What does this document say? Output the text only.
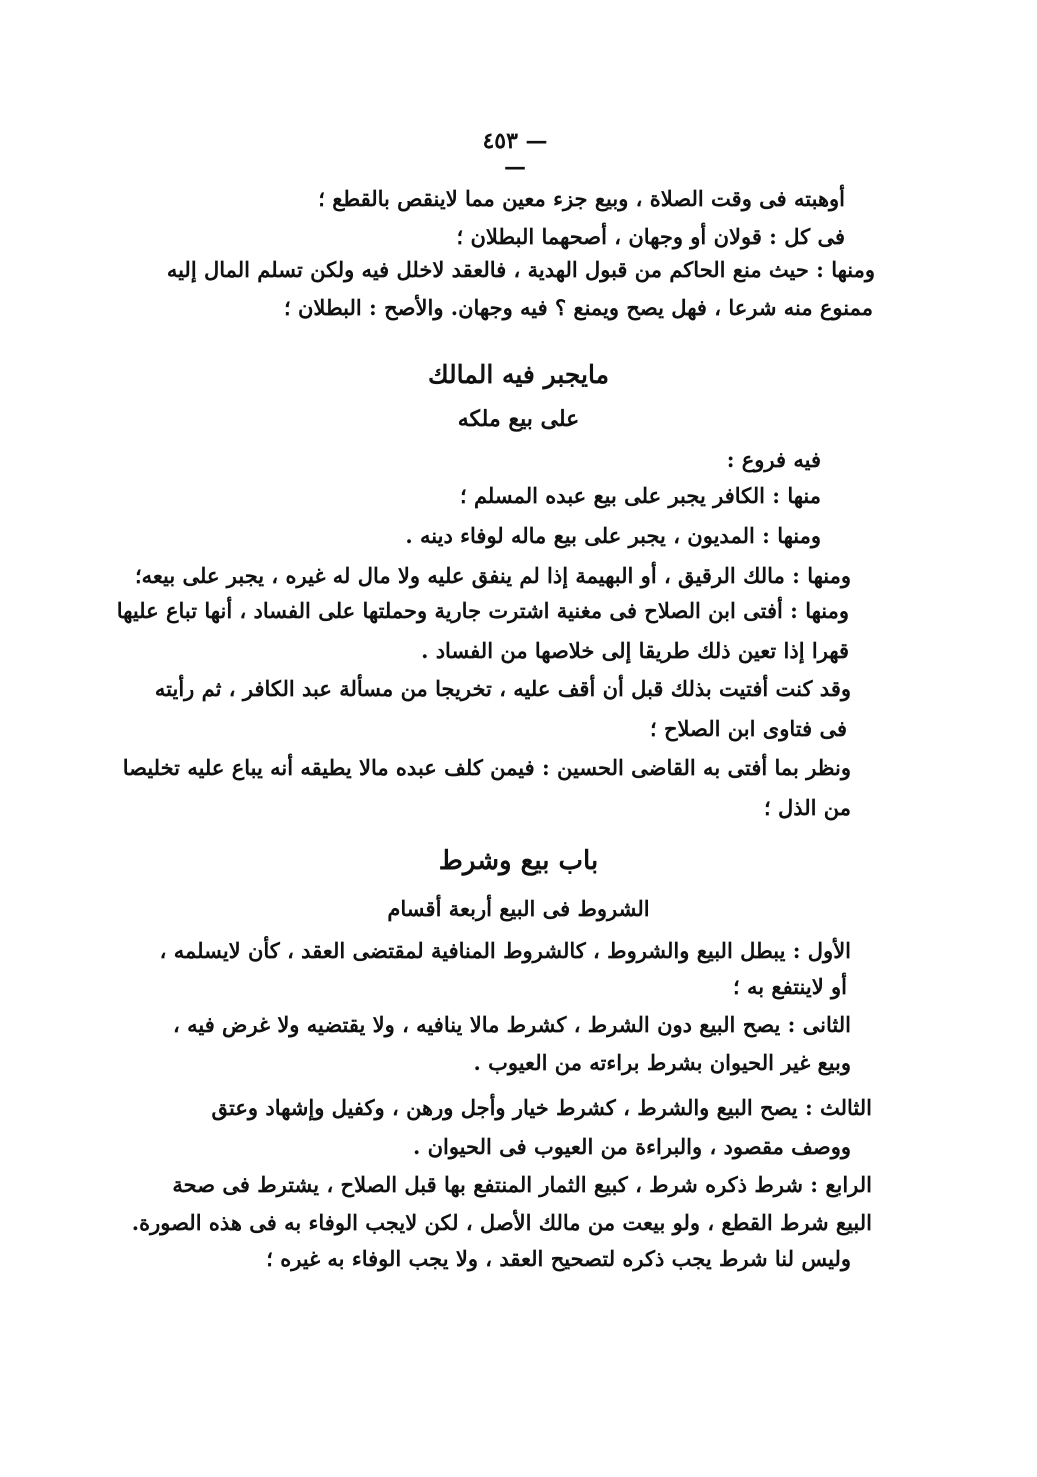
— ٤٥٣ —
أوهبته فى وقت الصلاة ، وبيع جزء معين مما لاينقص بالقطع ؛
فى كل : قولان أو وجهان ، أصحهما البطلان ؛
ومنها : حيث منع الحاكم من قبول الهدية ، فالعقد لاخلل فيه ولكن تسلم المال إليه
ممنوع منه شرعا ، فهل يصح ويمنع ؟ فيه وجهان. والأصح : البطلان ؛
مايجبر فيه المالك
على بيع ملكه
فيه فروع :
منها : الكافر يجبر على بيع عبده المسلم ؛
ومنها : المديون ، يجبر على بيع ماله لوفاء دينه .
ومنها : مالك الرقيق ، أو البهيمة إذا لم ينفق عليه ولا مال له غيره ، يجبر على بيعه؛
ومنها : أفتى ابن الصلاح فى مغنية اشترت جارية وحملتها على الفساد ، أنها تباع عليها
قهرا إذا تعين ذلك طريقا إلى خلاصها من الفساد .
وقد كنت أفتيت بذلك قبل أن أقف عليه ، تخريجا من مسألة عبد الكافر ، ثم رأيته
فى فتاوى ابن الصلاح ؛
ونظر بما أفتى به القاضى الحسين : فيمن كلف عبده مالا يطيقه أنه يباع عليه تخليصا
من الذل ؛
باب بيع وشرط
الشروط فى البيع أربعة أقسام
الأول : يبطل البيع والشروط ، كالشروط المنافية لمقتضى العقد ، كأن لايسلمه ،
أو لاينتفع به ؛
الثانى : يصح البيع دون الشرط ، كشرط مالا ينافيه ، ولا يقتضيه ولا غرض فيه ،
وبيع غير الحيوان بشرط براءته من العيوب .
الثالث : يصح البيع والشرط ، كشرط خيار وأجل ورهن ، وكفيل وإشهاد وعتق
ووصف مقصود ، والبراءة من العيوب فى الحيوان .
الرابع : شرط ذكره شرط ، كبيع الثمار المنتفع بها قبل الصلاح ، يشترط فى صحة
البيع شرط القطع ، ولو بيعت من مالك الأصل ، لكن لايجب الوفاء به فى هذه الصورة.
وليس لنا شرط يجب ذكره لتصحيح العقد ، ولا يجب الوفاء به غيره ؛
